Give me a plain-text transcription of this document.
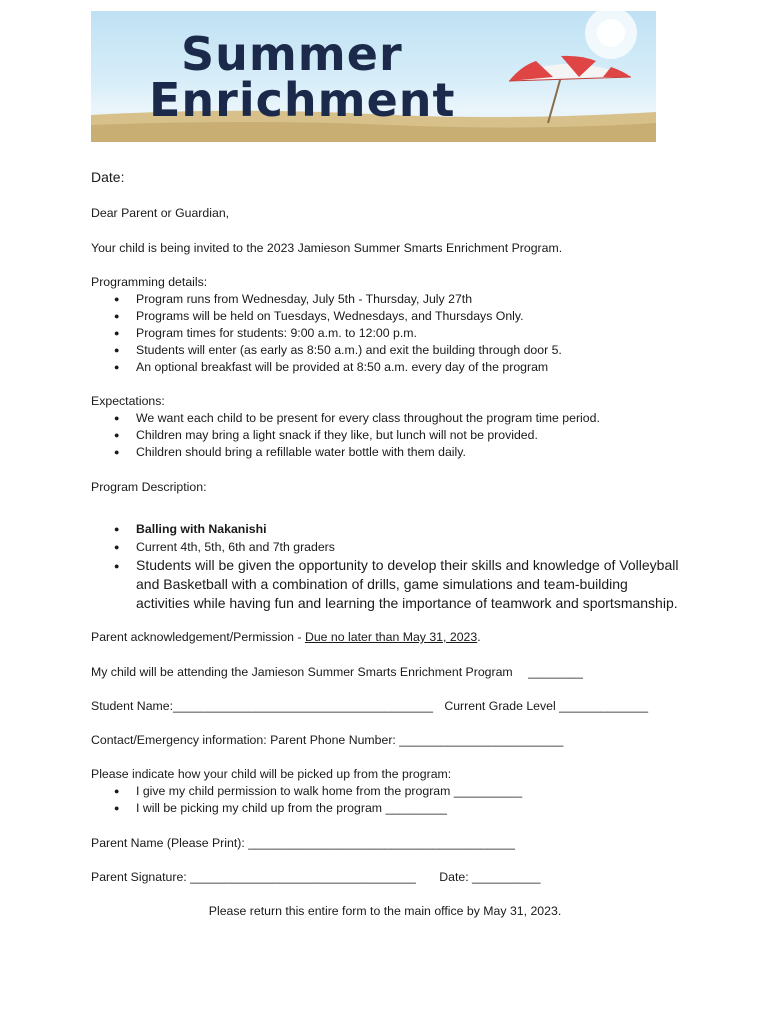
Summer
Enrichment
Date:
Dear Parent or Guardian,
Your child is being invited to the 2023 Jamieson Summer Smarts Enrichment Program.
Programming details:
●	Program runs from Wednesday, July 5th - Thursday, July 27th
●	Programs will be held on Tuesdays, Wednesdays, and Thursdays Only.
●	Program times for students: 9:00 a.m. to 12:00 p.m.
●	Students will enter (as early as 8:50 a.m.) and exit the building through door 5.
●	An optional breakfast will be provided at 8:50 a.m. every day of the program
Expectations:
●	We want each child to be present for every class throughout the program time period.
●	Children may bring a light snack if they like, but lunch will not be provided.
●	Children should bring a refillable water bottle with them daily.
Program Description:
●	Balling with Nakanishi
●	Current 4th, 5th, 6th and 7th graders
●	Students will be given the opportunity to develop their skills and knowledge of Volleyball and Basketball with a combination of drills, game simulations and team-building activities while having fun and learning the importance of teamwork and sportsmanship.
Parent acknowledgement/Permission - Due no later than May 31, 2023.
My child will be attending the Jamieson Summer Smarts Enrichment Program ________
Student Name:______________________________________ Current Grade Level _____________
Contact/Emergency information: Parent Phone Number: ________________________
Please indicate how your child will be picked up from the program:
●	I give my child permission to walk home from the program __________
●	I will be picking my child up from the program _________
Parent Name (Please Print): _______________________________________
Parent Signature: _________________________________ Date: __________
Please return this entire form to the main office by May 31, 2023.
